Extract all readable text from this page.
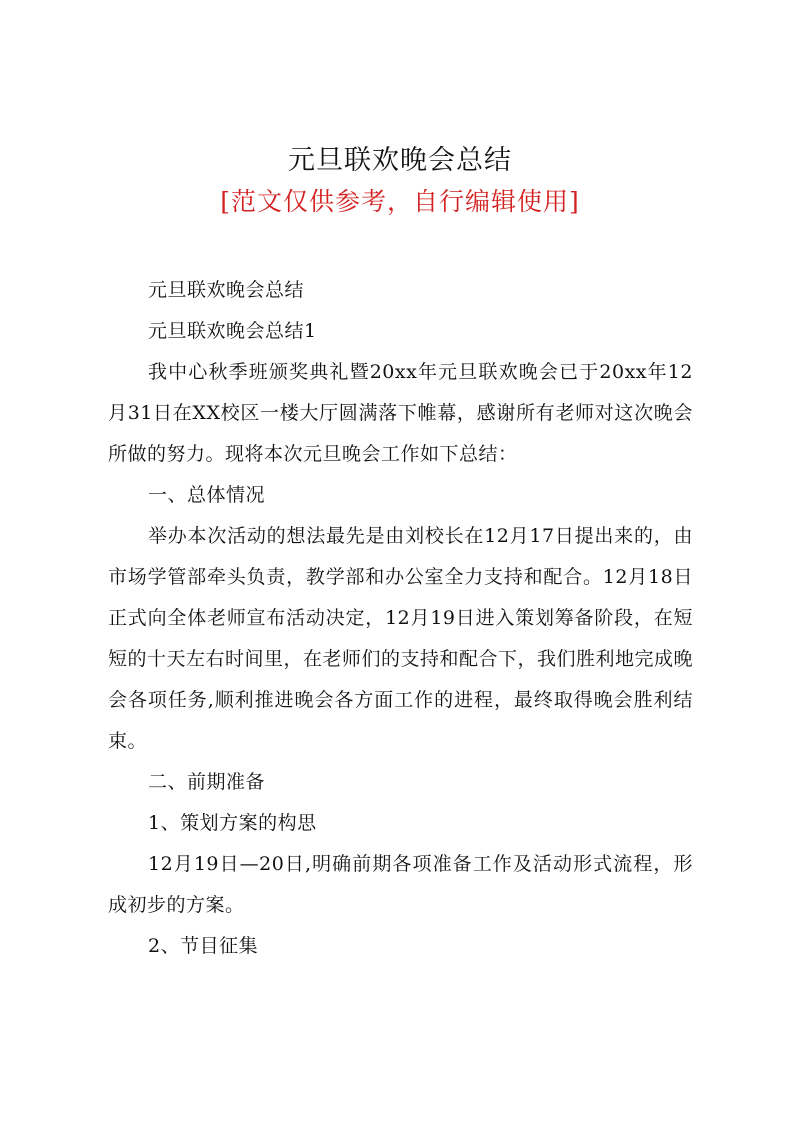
元旦联欢晚会总结
[范文仅供参考，自行编辑使用]

元旦联欢晚会总结

元旦联欢晚会总结1

我中心秋季班颁奖典礼暨20xx年元旦联欢晚会已于20xx年12月31日在XX校区一楼大厅圆满落下帷幕，感谢所有老师对这次晚会所做的努力。现将本次元旦晚会工作如下总结：

一、总体情况

举办本次活动的想法最先是由刘校长在12月17日提出来的，由市场学管部牵头负责，教学部和办公室全力支持和配合。12月18日正式向全体老师宣布活动决定，12月19日进入策划筹备阶段，在短短的十天左右时间里，在老师们的支持和配合下，我们胜利地完成晚会各项任务,顺利推进晚会各方面工作的进程，最终取得晚会胜利结束。

二、前期准备

1、策划方案的构思

12月19日—20日,明确前期各项准备工作及活动形式流程，形成初步的方案。

2、节目征集
